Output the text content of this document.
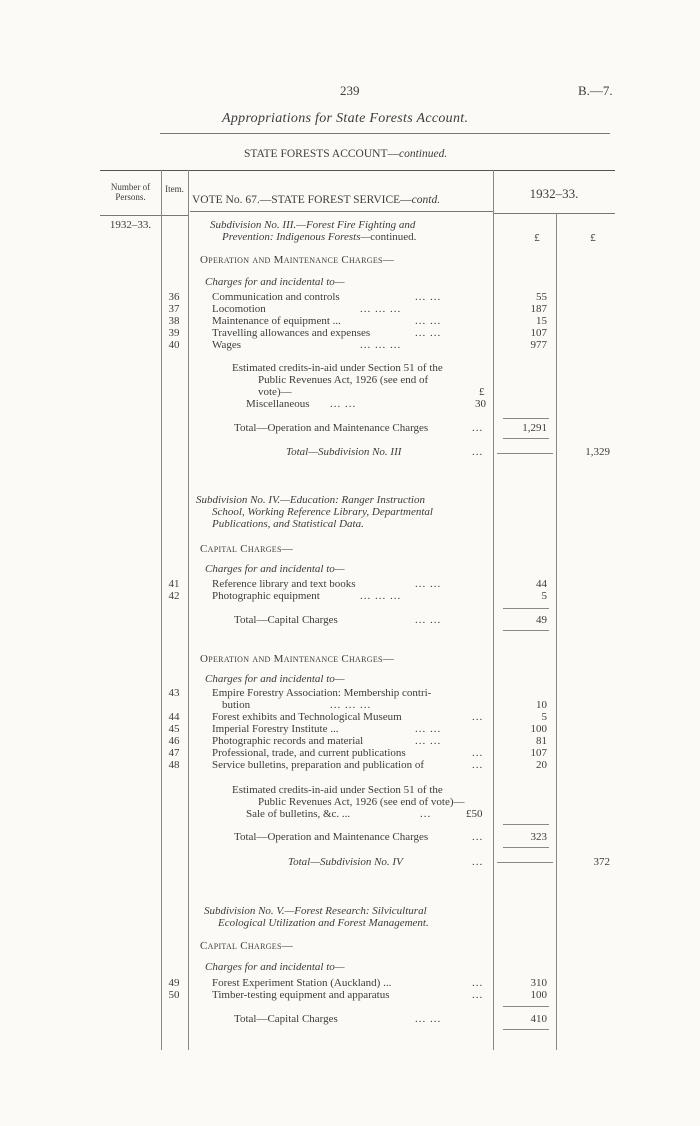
239	B.—7.
Appropriations for State Forests Account.
STATE FORESTS ACCOUNT—continued.
Number of Persons.
Item.
VOTE No. 67.—STATE FOREST SERVICE—contd.	1932–33.
1932–33.
£	£
Subdivision No. III.—Forest Fire Fighting and
Prevention: Indigenous Forests—continued.
Operation and Maintenance Charges—
Charges for and incidental to—
36	Communication and controls	... ...	55
37	Locomotion	... ... ...	187
38	Maintenance of equipment ...	... ...	15
39	Travelling allowances and expenses	... ...	107
40	Wages	... ... ...	977
Estimated credits-in-aid under Section 51 of the
Public Revenues Act, 1926 (see end of
vote)—	£
Miscellaneous ... ...	30
Total—Operation and Maintenance Charges	...	1,291
Total—Subdivision No. III	...	1,329
Subdivision No. IV.—Education: Ranger Instruction
School, Working Reference Library, Departmental
Publications, and Statistical Data.
Capital Charges—
Charges for and incidental to—
41	Reference library and text books	... ...	44
42	Photographic equipment	... ... ...	5
Total—Capital Charges	... ...	49
Operation and Maintenance Charges—
Charges for and incidental to—
43	Empire Forestry Association: Membership contri-
bution	... ... ...	10
44	Forest exhibits and Technological Museum	...	5
45	Imperial Forestry Institute ...	... ...	100
46	Photographic records and material	... ...	81
47	Professional, trade, and current publications	...	107
48	Service bulletins, preparation and publication of	...	20
Estimated credits-in-aid under Section 51 of the
Public Revenues Act, 1926 (see end of vote)—
Sale of bulletins, &c. ...	...	£50
Total—Operation and Maintenance Charges	...	323
Total—Subdivision No. IV	...	372
Subdivision No. V.—Forest Research: Silvicultural
Ecological Utilization and Forest Management.
Capital Charges—
Charges for and incidental to—
49	Forest Experiment Station (Auckland) ...	...	310
50	Timber-testing equipment and apparatus	...	100
Total—Capital Charges	... ...	410
